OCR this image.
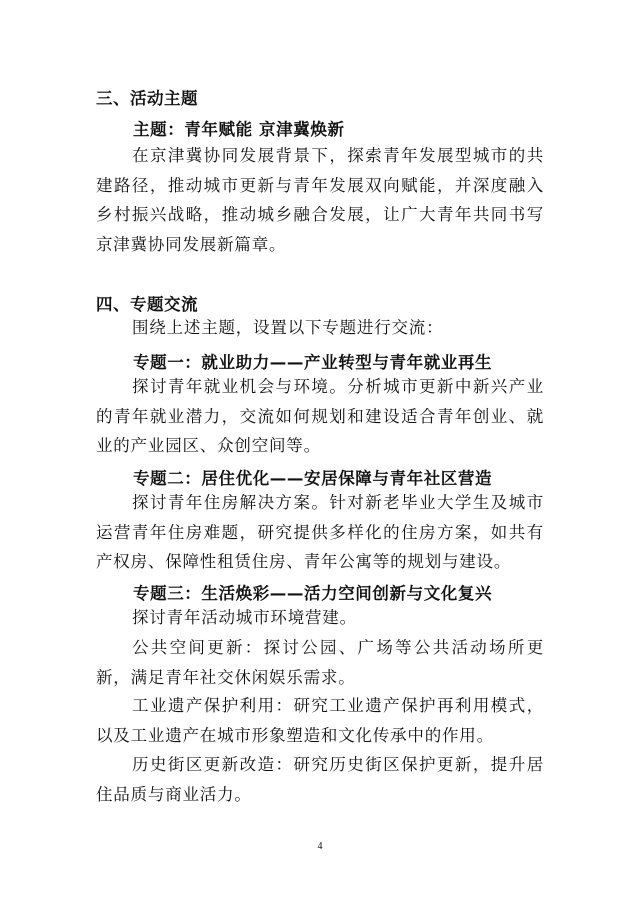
三、活动主题
主题：青年赋能 京津冀焕新

在京津冀协同发展背景下，探索青年发展型城市的共建路径，推动城市更新与青年发展双向赋能，并深度融入乡村振兴战略，推动城乡融合发展，让广大青年共同书写京津冀协同发展新篇章。

四、专题交流

围绕上述主题，设置以下专题进行交流：

专题一：就业助力——产业转型与青年就业再生

探讨青年就业机会与环境。分析城市更新中新兴产业的青年就业潜力，交流如何规划和建设适合青年创业、就业的产业园区、众创空间等。

专题二：居住优化——安居保障与青年社区营造

探讨青年住房解决方案。针对新老毕业大学生及城市运营青年住房难题，研究提供多样化的住房方案，如共有产权房、保障性租赁住房、青年公寓等的规划与建设。

专题三：生活焕彩——活力空间创新与文化复兴

探讨青年活动城市环境营建。

公共空间更新：探讨公园、广场等公共活动场所更新，满足青年社交休闲娱乐需求。

工业遗产保护利用：研究工业遗产保护再利用模式，以及工业遗产在城市形象塑造和文化传承中的作用。

历史街区更新改造：研究历史街区保护更新，提升居住品质与商业活力。

4
